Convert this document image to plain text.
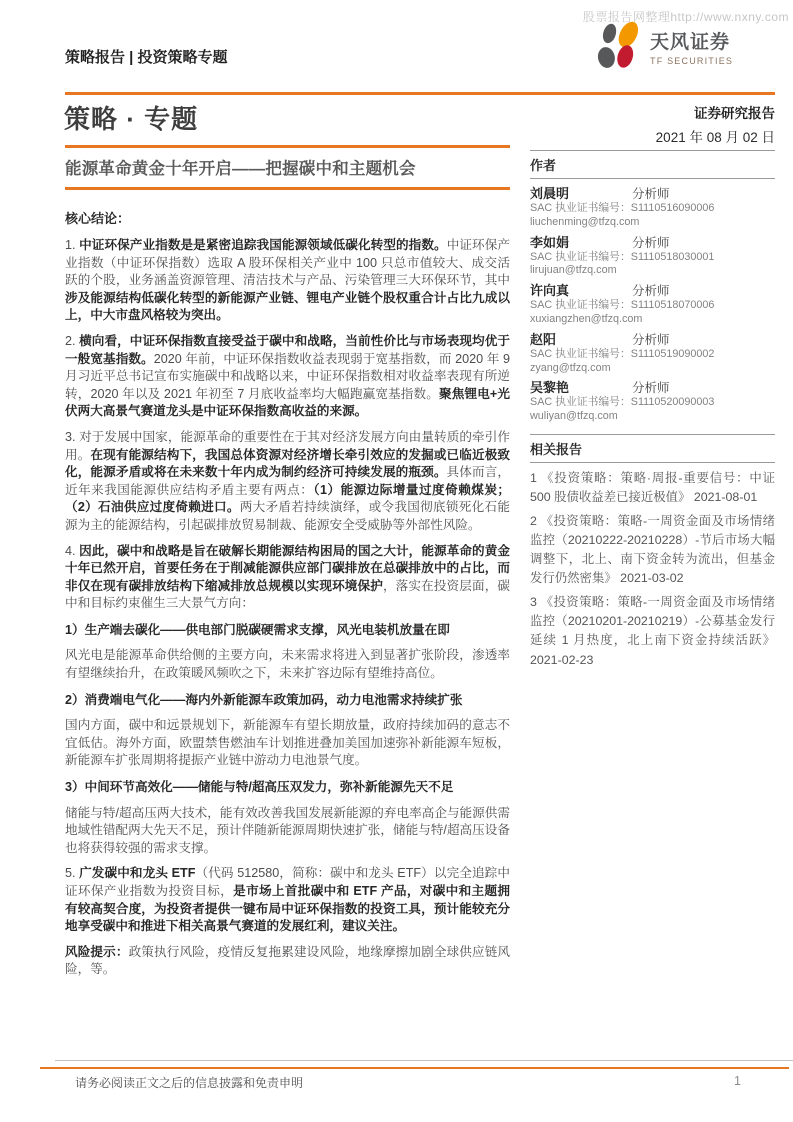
股票报告网整理http://www.nxny.com
策略报告 | 投资策略专题
天风证券
TF SECURITIES
策略 · 专题	证券研究报告
2021 年 08 月 02 日
能源革命黄金十年开启——把握碳中和主题机会
核心结论：

1. 中证环保产业指数是是紧密追踪我国能源领域低碳化转型的指数。中证环保产业指数（中证环保指数）选取 A 股环保相关产业中 100 只总市值较大、成交活跃的个股，业务涵盖资源管理、清洁技术与产品、污染管理三大环保环节，其中涉及能源结构低碳化转型的新能源产业链、锂电产业链个股权重合计占比九成以上，中大市盘风格较为突出。

2. 横向看，中证环保指数直接受益于碳中和战略，当前性价比与市场表现均优于一般宽基指数。2020 年前，中证环保指数收益表现弱于宽基指数，而 2020 年 9 月习近平总书记宣布实施碳中和战略以来，中证环保指数相对收益率表现有所逆转，2020 年以及 2021 年初至 7 月底收益率均大幅跑赢宽基指数。聚焦锂电+光伏两大高景气赛道龙头是中证环保指数高收益的来源。

3. 对于发展中国家，能源革命的重要性在于其对经济发展方向由量转质的牵引作用。在现有能源结构下，我国总体资源对经济增长牵引效应的发掘或已临近极致化，能源矛盾或将在未来数十年内成为制约经济可持续发展的瓶颈。具体而言，近年来我国能源供应结构矛盾主要有两点：（1）能源边际增量过度倚赖煤炭；（2）石油供应过度倚赖进口。两大矛盾若持续演绎，或令我国彻底锁死化石能源为主的能源结构，引起碳排放贸易制裁、能源安全受威胁等外部性风险。

4. 因此，碳中和战略是旨在破解长期能源结构困局的国之大计，能源革命的黄金十年已然开启，首要任务在于削减能源供应部门碳排放在总碳排放中的占比，而非仅在现有碳排放结构下缩减排放总规模以实现环境保护，落实在投资层面，碳中和目标约束催生三大景气方向：

1）生产端去碳化——供电部门脱碳硬需求支撑，风光电装机放量在即

风光电是能源革命供给侧的主要方向，未来需求将进入到显著扩张阶段，渗透率有望继续抬升，在政策暖风频吹之下，未来扩容边际有望维持高位。

2）消费端电气化——海内外新能源车政策加码，动力电池需求持续扩张

国内方面，碳中和远景规划下，新能源车有望长期放量，政府持续加码的意志不宜低估。海外方面，欧盟禁售燃油车计划推进叠加美国加速弥补新能源车短板，新能源车扩张周期将提振产业链中游动力电池景气度。

3）中间环节高效化——储能与特/超高压双发力，弥补新能源先天不足

储能与特/超高压两大技术，能有效改善我国发展新能源的弃电率高企与能源供需地域性错配两大先天不足，预计伴随新能源周期快速扩张，储能与特/超高压设备也将获得较强的需求支撑。

5. 广发碳中和龙头 ETF（代码 512580，简称：碳中和龙头 ETF）以完全追踪中证环保产业指数为投资目标，是市场上首批碳中和 ETF 产品，对碳中和主题拥有较高契合度，为投资者提供一键布局中证环保指数的投资工具，预计能较充分地享受碳中和推进下相关高景气赛道的发展红利，建议关注。

风险提示：政策执行风险，疫情反复拖累建设风险，地缘摩擦加剧全球供应链风险，等。

作者
刘晨明	分析师
SAC 执业证书编号：S1110516090006
liuchenming@tfzq.com
李如娟	分析师
SAC 执业证书编号：S1110518030001
lirujuan@tfzq.com
许向真	分析师
SAC 执业证书编号：S1110518070006
xuxiangzhen@tfzq.com
赵阳	分析师
SAC 执业证书编号：S1110519090002
zyang@tfzq.com
吴黎艳	分析师
SAC 执业证书编号：S1110520090003
wuliyan@tfzq.com
相关报告
1 《投资策略：策略·周报-重要信号：中证 500 股债收益差已接近极值》 2021-08-01
2 《投资策略：策略-一周资金面及市场情绪监控（20210222-20210228）-节后市场大幅调整下，北上、南下资金转为流出，但基金发行仍然密集》 2021-03-02
3 《投资策略：策略-一周资金面及市场情绪监控（20210201-20210219）-公募基金发行延续 1 月热度，北上南下资金持续活跃》 2021-02-23
请务必阅读正文之后的信息披露和免责申明	1
